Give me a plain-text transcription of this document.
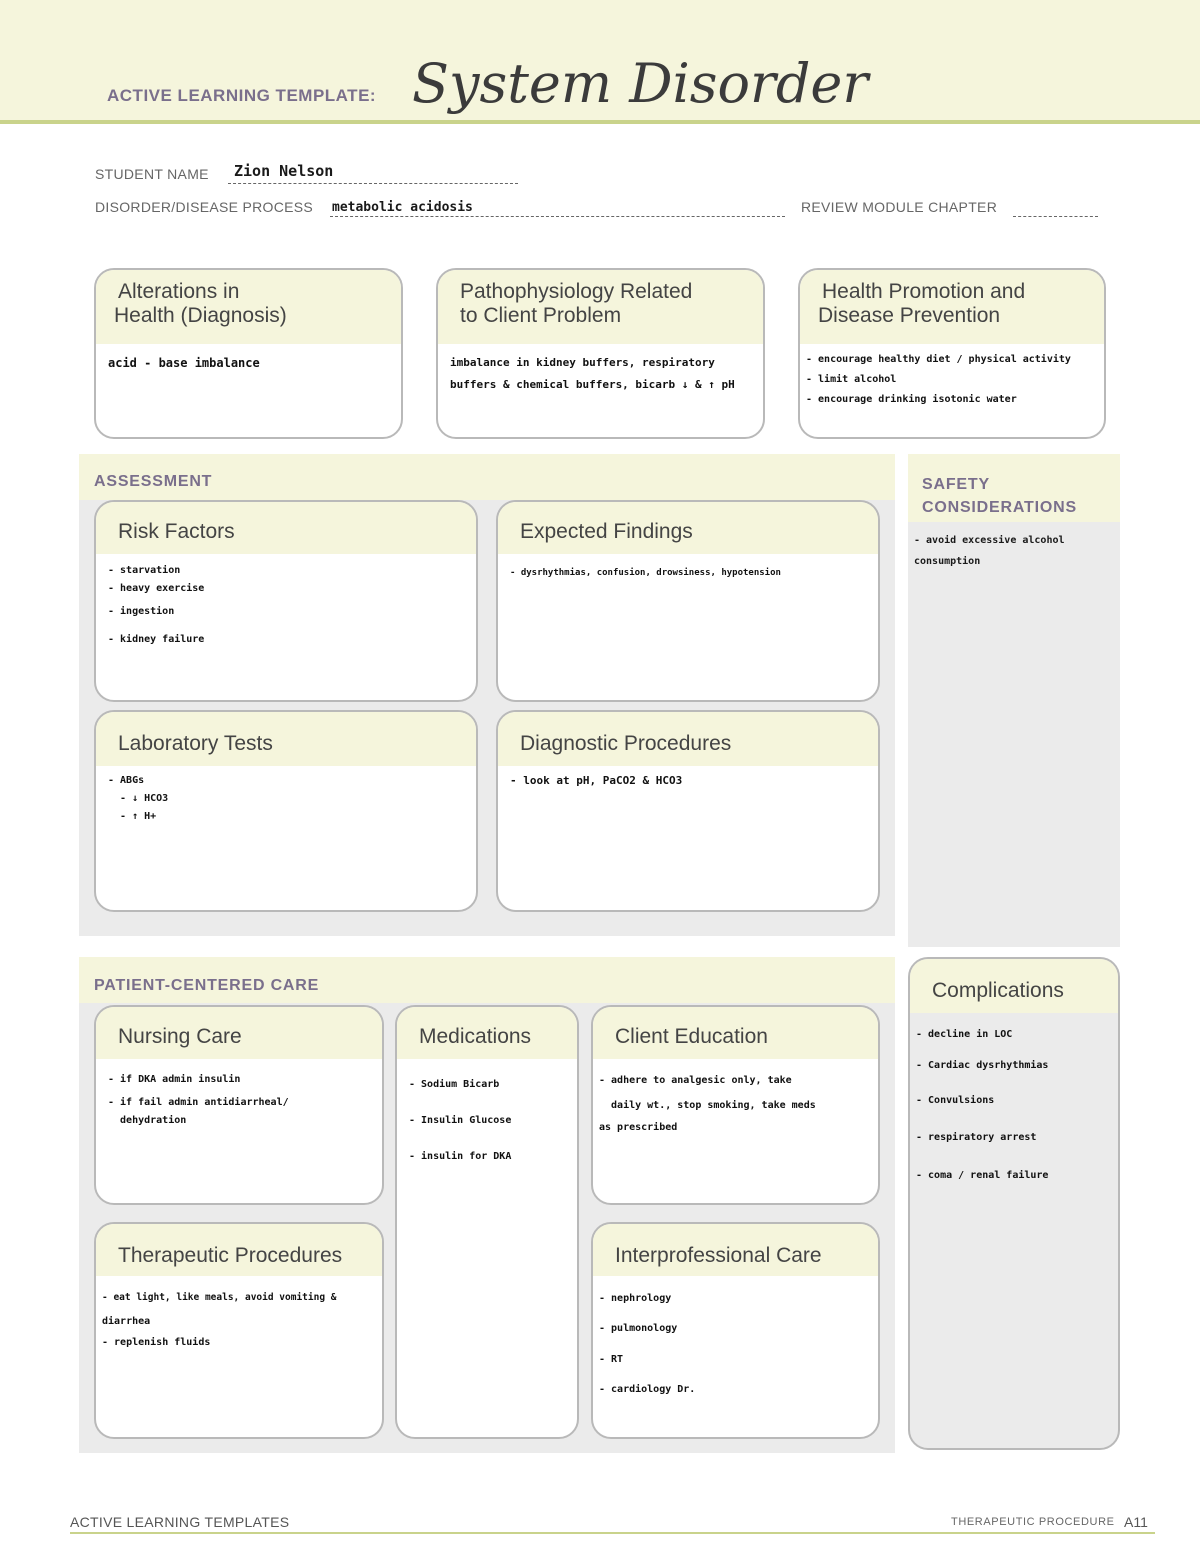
ACTIVE LEARNING TEMPLATE: System Disorder
STUDENT NAME	Zion Nelson
DISORDER/DISEASE PROCESS metabolic acidosis	REVIEW MODULE CHAPTER
Alterations in
Health (Diagnosis)
acid - base imbalance
Pathophysiology Related
to Client Problem
imbalance in kidney buffers, respiratory
buffers & chemical buffers, bicarb ↓ & ↑ pH
Health Promotion and
Disease Prevention
- encourage healthy diet / physical activity
- limit alcohol
- encourage drinking isotonic water
ASSESSMENT
Risk Factors
- starvation
- heavy exercise
- ingestion
- kidney failure
Expected Findings
- dysrhythmias, confusion, drowsiness, hypotension
Laboratory Tests
- ABGs
- ↓ HCO3
- ↑ H+
Diagnostic Procedures
- look at pH, PaCO2 & HCO3
SAFETY
CONSIDERATIONS
- avoid excessive alcohol
consumption
PATIENT-CENTERED CARE
Nursing Care
- if DKA admin insulin
- if fail admin antidiarrheal/
dehydration
Medications
- Sodium Bicarb
- Insulin Glucose
- insulin for DKA
Client Education
- adhere to analgesic only, take
daily wt., stop smoking, take meds
as prescribed
Therapeutic Procedures
- eat light, like meals, avoid vomiting &
diarrhea
- replenish fluids
Interprofessional Care
- nephrology
- pulmonology
- RT
- cardiology Dr.
Complications
- decline in LOC
- Cardiac dysrhythmias
- Convulsions
- respiratory arrest
- coma / renal failure
ACTIVE LEARNING TEMPLATES	THERAPEUTIC PROCEDURE A11
